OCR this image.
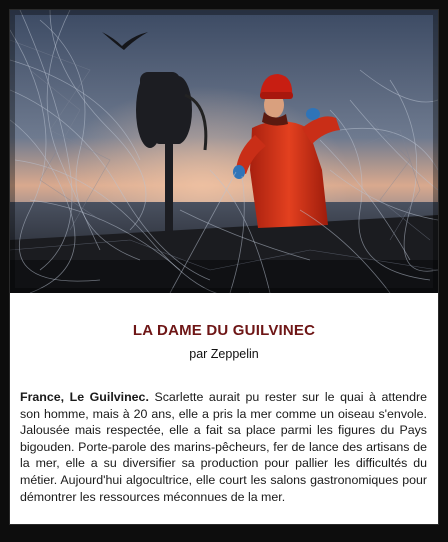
LA DAME DU GUILVINEC
par Zeppelin

France, Le Guilvinec. Scarlette aurait pu rester sur le quai à attendre son homme, mais à 20 ans, elle a pris la mer comme un oiseau s'envole. Jalousée mais respectée, elle a fait sa place parmi les figures du Pays bigouden. Porte-parole des marins-pêcheurs, fer de lance des artisans de la mer, elle a su diversifier sa production pour pallier les difficultés du métier. Aujourd'hui algocultrice, elle court les salons gastronomiques pour démontrer les ressources méconnues de la mer.
